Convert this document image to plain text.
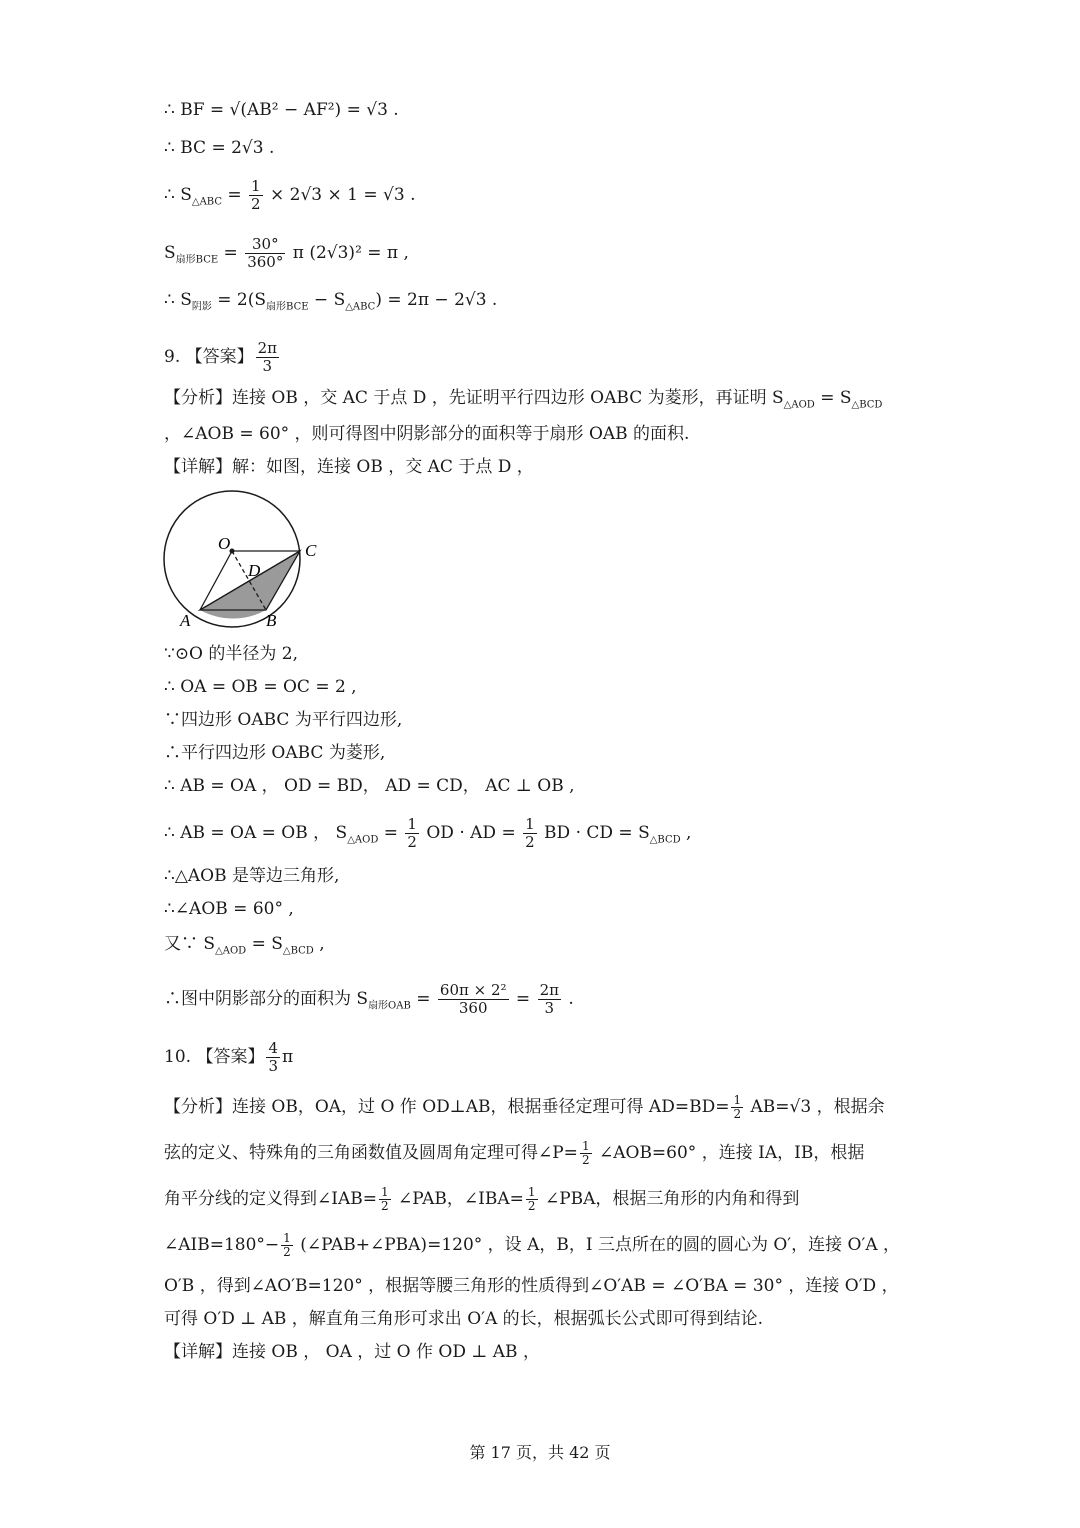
∴ BF = √(AB² − AF²) = √3 .
∴ BC = 2√3 .
∴ $S_{\triangle ABC} = \frac{1}{2} \times 2√3 \times 1 = √3$ .
$S_{扇形BCE} = \frac{30^\circ}{360^\circ}$ π (2√3)² = π ,
∴ $S_{阴影} = 2(S_{扇形BCE} - S_{\triangle ABC}) = 2\pi - 2√3$ .
9. 【答案】 $\frac{2\pi}{3}$
【分析】连接 OB ，交 AC 于点 D ，先证明平行四边形 OABC 为菱形，再证明 $S_{\triangle AOD} = S_{\triangle BCD}$
，∠AOB = 60° ，则可得图中阴影部分的面积等于扇形 OAB 的面积.
【详解】解：如图，连接 OB ，交 AC 于点 D ，
O	C
D
A	B
∵⊙O 的半径为 2,
∴ OA = OB = OC = 2 ,
∵四边形 OABC 为平行四边形,
∴平行四边形 OABC 为菱形,
∴ AB = OA ， OD = BD， AD = CD， AC ⊥ OB ,
∴ AB = OA = OB ， $S_{\triangle AOD} = \frac{1}{2}$ OD · AD = $\frac{1}{2}$ BD · CD = $S_{\triangle BCD}$ ,
∴△AOB 是等边三角形,
∴∠AOB = 60° ,
又∵ $S_{\triangle AOD} = S_{\triangle BCD}$ ,
∴图中阴影部分的面积为 $S_{扇形OAB} = \frac{\text{60π × 2²}}{360} = \frac{2\pi}{3}$ .
10. 【答案】 $\frac{4}{3}$ π
【分析】连接 OB，OA，过 O 作 OD⊥AB，根据垂径定理可得 $AD=BD= \frac{1}{2} AB=√3$ ，根据余
弦的定义、特殊角的三角函数值及圆周角定理可得∠P= $\frac{1}{2}$ ∠AOB=60° ，连接 IA，IB，根据
角平分线的定义得到∠IAB= $\frac{1}{2}$ ∠PAB，∠IBA= $\frac{1}{2}$ ∠PBA，根据三角形的内角和得到
∠AIB=180°− $\frac{1}{2}$ (∠PAB+∠PBA)=120° ，设 A，B，I 三点所在的圆的圆心为 O′，连接 O′A ，
O′B ，得到∠AO′B=120° ，根据等腰三角形的性质得到∠O′AB = ∠O′BA = 30° ，连接 O′D ，
可得 O′D ⊥ AB ，解直角三角形可求出 O′A 的长，根据弧长公式即可得到结论.
【详解】连接 OB ， OA ，过 O 作 OD ⊥ AB ，
第 17 页，共 42 页
